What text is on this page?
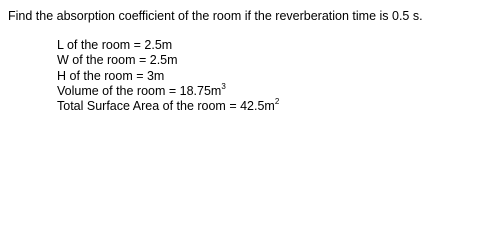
Find the absorption coefficient of the room if the reverberation time is 0.5 s.
L of the room = 2.5m
W of the room = 2.5m
H of the room = 3m
Volume of the room = $18.75m^3$
Total Surface Area of the room = $42.5m^2$
